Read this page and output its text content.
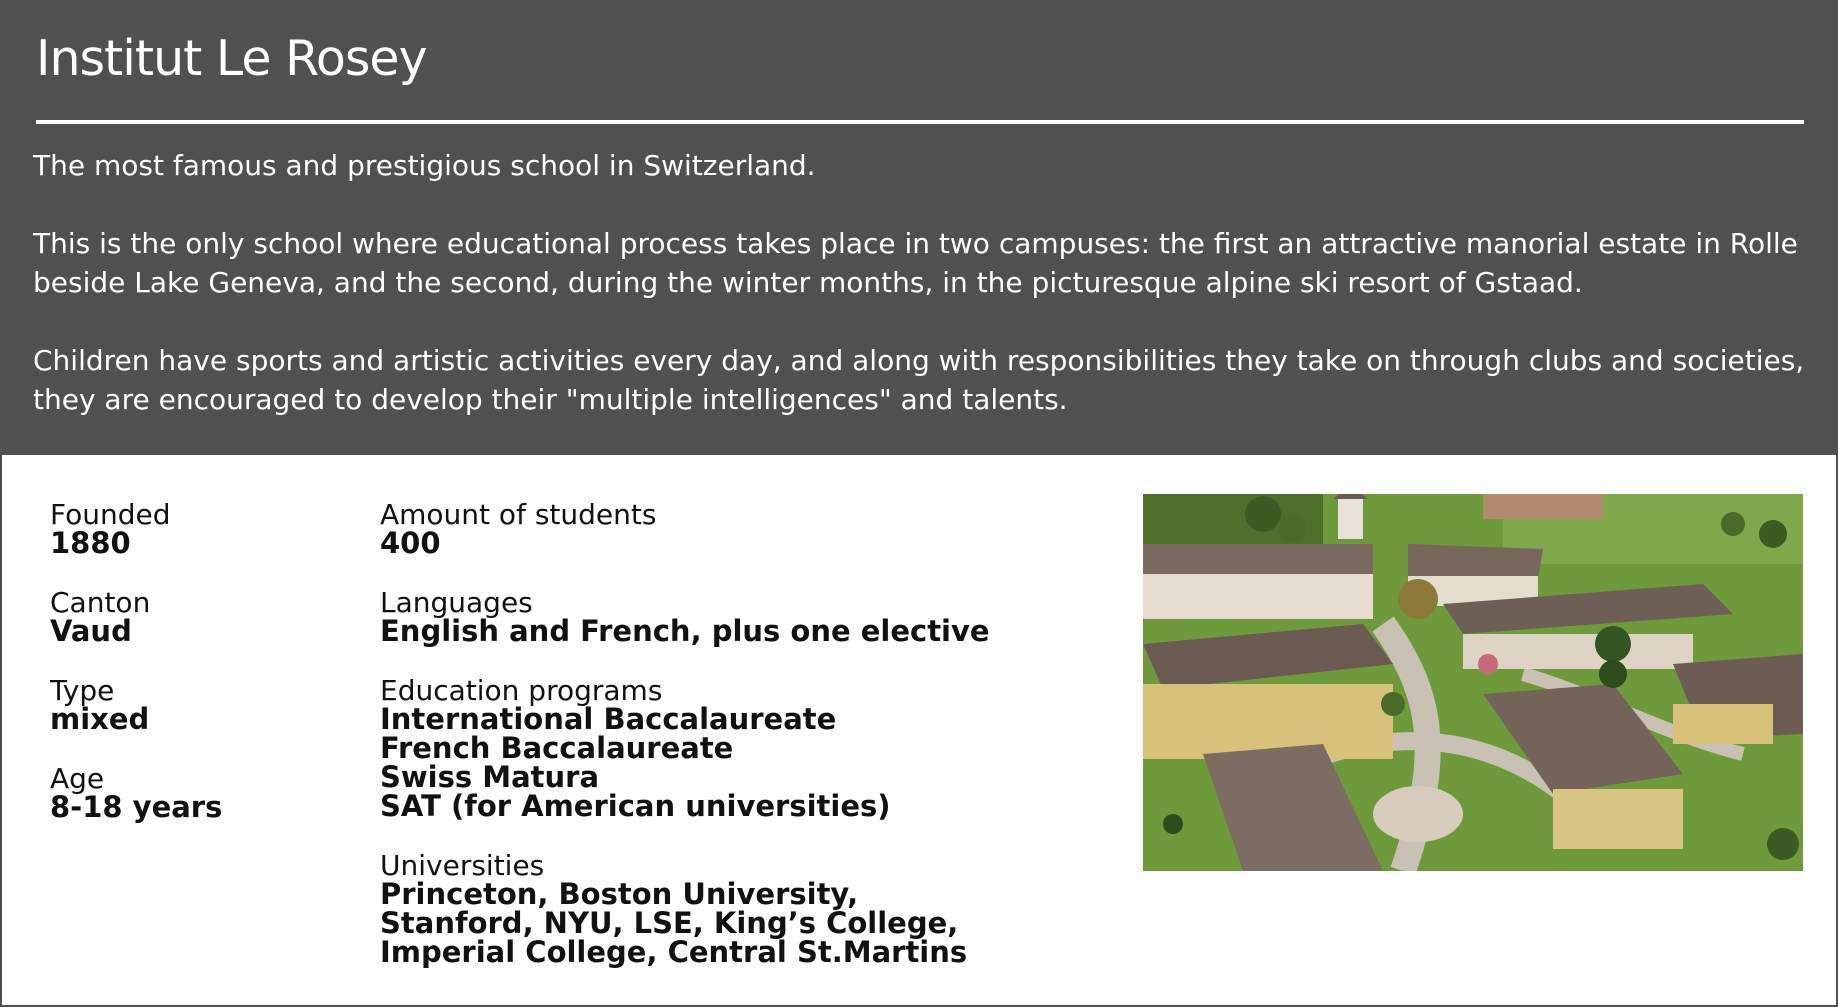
Institut Le Rosey

The most famous and prestigious school in Switzerland.

This is the only school where educational process takes place in two campuses: the first an attractive manorial estate in Rolle beside Lake Geneva, and the second, during the winter months, in the picturesque alpine ski resort of Gstaad.

Children have sports and artistic activities every day, and along with responsibilities they take on through clubs and societies, they are encouraged to develop their "multiple intelligences" and talents.

Founded
1880
Canton
Vaud
Type
mixed
Age
8-18 years
Amount of students
400
Languages
English and French, plus one elective
Education programs
International Baccalaureate
French Baccalaureate
Swiss Matura
SAT (for American universities)
Universities
Princeton, Boston University,
Stanford, NYU, LSE, King’s College,
Imperial College, Central St.Martins
